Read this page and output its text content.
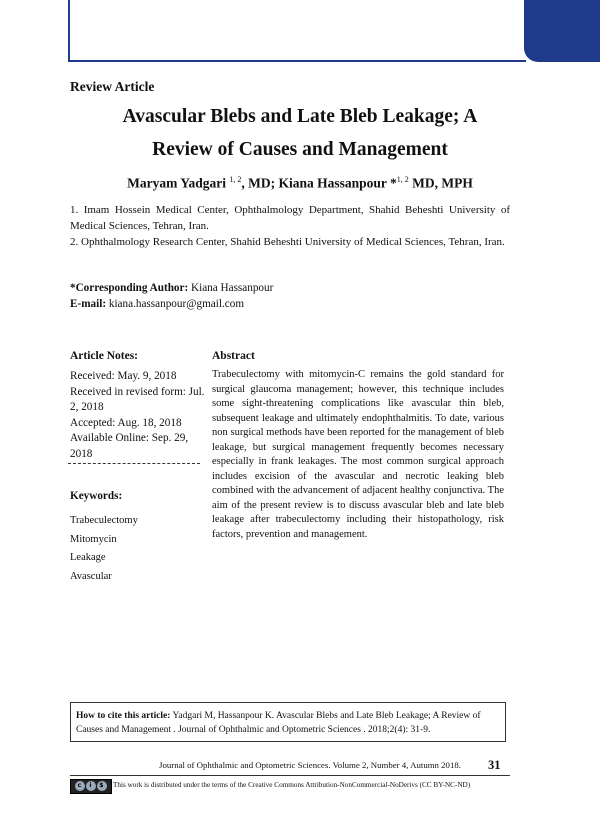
Review Article
Avascular Blebs and Late Bleb Leakage; A
Review of Causes and Management
Maryam Yadgari $^{1, 2}$, MD; Kiana Hassanpour *$^{1, 2}$ MD, MPH
1. Imam Hossein Medical Center, Ophthalmology Department, Shahid Beheshti University of Medical Sciences, Tehran, Iran.
2. Ophthalmology Research Center, Shahid Beheshti University of Medical Sciences, Tehran, Iran.
*Corresponding Author: Kiana Hassanpour
E-mail: kiana.hassanpour@gmail.com
Article Notes:	Abstract
Received: May. 9, 2018
Received in revised form: Jul. 2, 2018
Accepted: Aug. 18, 2018
Available Online: Sep. 29, 2018
Keywords:
Trabeculectomy
Mitomycin
Leakage
Avascular
Trabeculectomy with mitomycin-C remains the gold standard for surgical glaucoma management; however, this technique includes some sight-threatening complications like avascular thin bleb, subsequent leakage and ultimately endophthalmitis. To date, various non surgical methods have been reported for the management of bleb leakage, but surgical management frequently becomes necessary especially in frank leakages. The most common surgical approach includes excision of the avascular and necrotic leaking bleb combined with the advancement of adjacent healthy conjunctiva. The aim of the present review is to discuss avascular bleb and late bleb leakage after trabeculectomy including their histopathology, risk factors, prevention and management.
How to cite this article: Yadgari M, Hassanpour K. Avascular Blebs and Late Bleb Leakage; A Review of Causes and Management . Journal of Ophthalmic and Optometric Sciences . 2018;2(4): 31-9.
Journal of Ophthalmic and Optometric Sciences. Volume 2, Number 4, Autumn 2018.	31
c i $	This work is distributed under the terms of the Creative Commons Attribution-NonCommercial-NoDerivs (CC BY-NC-ND)
